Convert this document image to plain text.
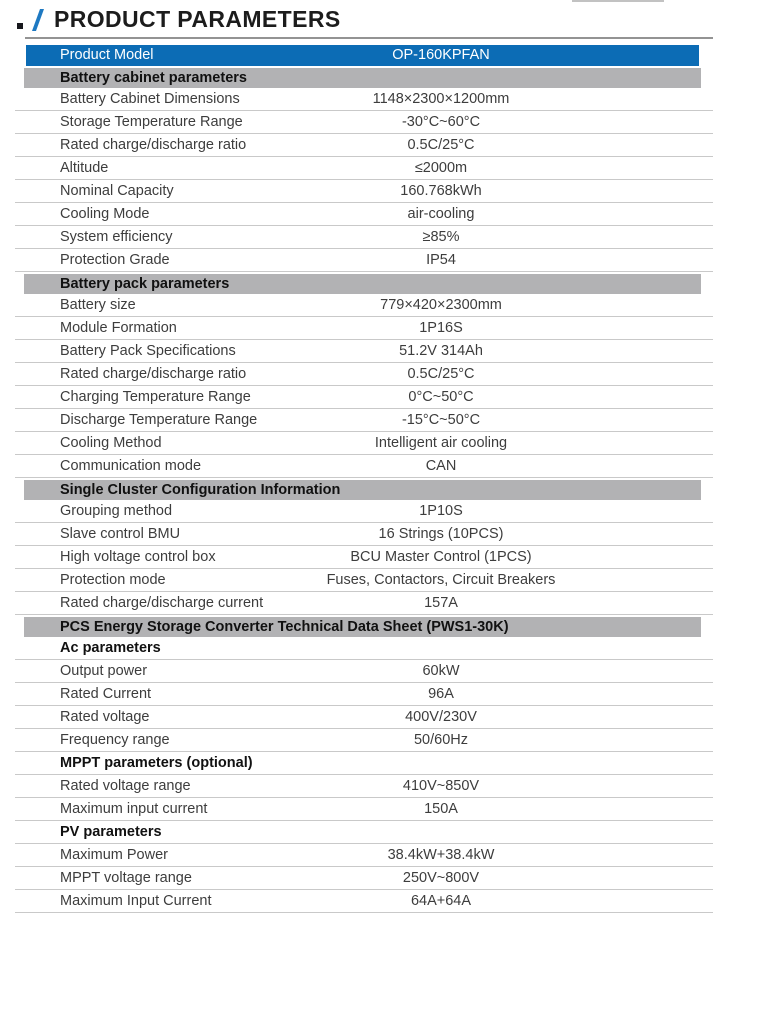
PRODUCT PARAMETERS
Product Model	OP-160KPFAN
Battery cabinet parameters
Battery Cabinet Dimensions	1148×2300×1200mm
Storage Temperature Range	-30°C~60°C
Rated charge/discharge ratio	0.5C/25°C
Altitude	≤2000m
Nominal Capacity	160.768kWh
Cooling Mode	air-cooling
System efficiency	≥85%
Protection Grade	IP54
Battery pack parameters
Battery size	779×420×2300mm
Module Formation	1P16S
Battery Pack Specifications	51.2V 314Ah
Rated charge/discharge ratio	0.5C/25°C
Charging Temperature Range	0°C~50°C
Discharge Temperature Range	-15°C~50°C
Cooling Method	Intelligent air cooling
Communication mode	CAN
Single Cluster Configuration Information
Grouping method	1P10S
Slave control BMU	16 Strings (10PCS)
High voltage control box	BCU Master Control (1PCS)
Protection mode	Fuses, Contactors, Circuit Breakers
Rated charge/discharge current	157A
PCS Energy Storage Converter Technical Data Sheet (PWS1-30K)
Ac parameters
Output power	60kW
Rated Current	96A
Rated voltage	400V/230V
Frequency range	50/60Hz
MPPT parameters (optional)
Rated voltage range	410V~850V
Maximum input current	150A
PV parameters
Maximum Power	38.4kW+38.4kW
MPPT voltage range	250V~800V
Maximum Input Current	64A+64A
